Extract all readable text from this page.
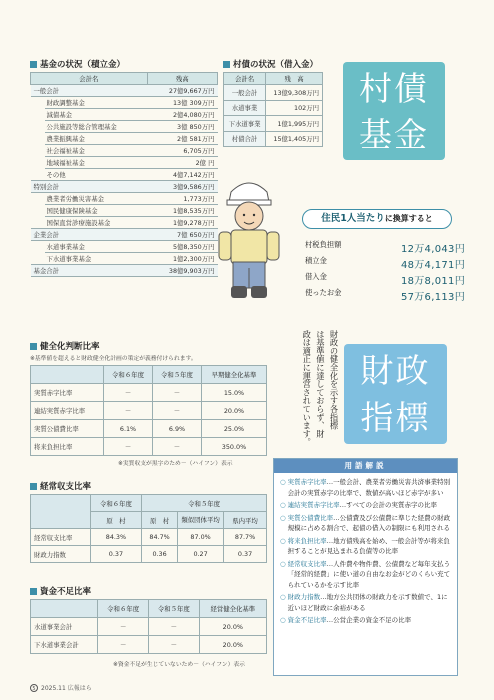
基金の状況（積立金）
会計名		残高
一般会計		27億9,667万円
	財政調整基金	13億 309万円
	減債基金	2億4,080万円
	公共施設等総合管理基金	3億 850万円
	農業振興基金	2億 581万円
	社会福祉基金	6,705万円
	地域福祉基金	2億 円
	その他	4億7,142万円
特別会計		3億9,586万円
	農業者労働災害基金	1,773万円
	国民健康保険基金	1億8,535万円
	国保直営診療施設基金	1億9,278万円
企業会計		7億 650万円
	水道事業基金	5億8,350万円
	下水道事業基金	1億2,300万円
基金合計		38億9,903万円
村債の状況（借入金）
会計名	残　高
一般会計	13億9,308万円
水道事業	102万円
下水道事業	1億1,995万円
村債合計	15億1,405万円
村債
基金
住民1人当たりに換算すると
村税負担額	12万4,043円
積立金	48万4,171円
借入金	18万8,011円
使ったお金	57万6,113円
財政の健全化を示す各指標
は基準値に達しておらず、財
政は適正に運営されています。	財政
指標
健全化判断比率
※基準値を超えると財政健全化計画の策定が義務付けられます。
	令和６年度	令和５年度	早期健全化基準
実質赤字比率	－	－	15.0%
連結実質赤字比率	－	－	20.0%
実質公債費比率	6.1%	6.9%	25.0%
将来負担比率	－	－	350.0%
※実質収支が黒字のため－（ハイフン）表示
経常収支比率
	令和６年度	令和５年度		
	原　村	原　村	類似団体平均	県内平均
経常収支比率	84.3%	84.7%	87.0%	87.7%
財政力指数	0.37	0.36	0.27	0.37
資金不足比率
	令和６年度	令和５年度	経営健全化基準
水道事業会計	－	－	20.0%
下水道事業会計	－	－	20.0%
※資金不足が生じていないため－（ハイフン）表示
用語解説
○ 実質赤字比率…一般会計、農業者労働災害共済事業特別会計の実質赤字の比率で、数値が高いほど赤字が多い
○ 連結実質赤字比率…すべての会計の実質赤字の比率
○ 実質公債費比率…公債費及び公債費に準じた経費の財政規模に占める割合で、起債の借入の制限にも利用される
○ 将来負担比率…地方債残高を始め、一般会計等が将来負担することが見込まれる負債等の比率
○ 経常収支比率…人件費や物件費、公債費など毎年支払う「経常的経費」に使い道の自由なお金がどのくらい充てられているかを示す比率
○ 財政力指数…地方公共団体の財政力を示す数値で、1に近いほど財政に余裕がある
○ 資金不足比率…公営企業の資金不足の比率
5 2025.11 広報はら
